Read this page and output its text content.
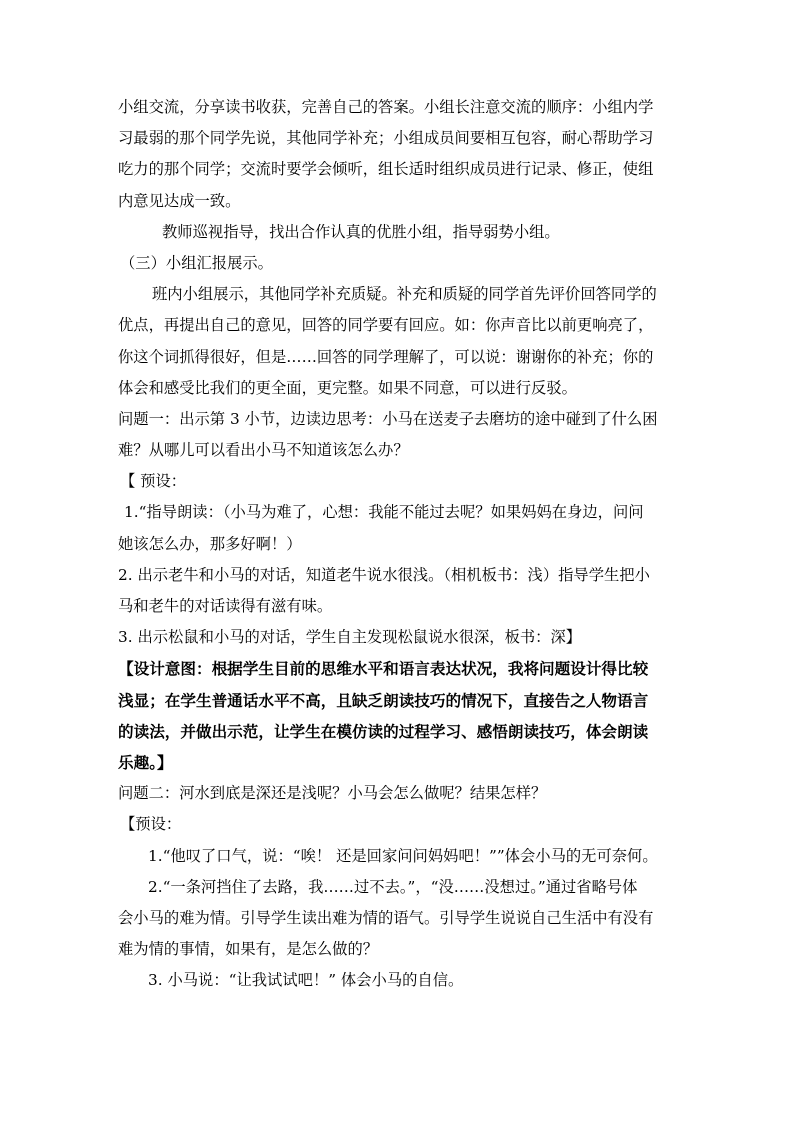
小组交流，分享读书收获，完善自己的答案。小组长注意交流的顺序：小组内学
习最弱的那个同学先说，其他同学补充；小组成员间要相互包容，耐心帮助学习
吃力的那个同学；交流时要学会倾听，组长适时组织成员进行记录、修正，使组
内意见达成一致。
教师巡视指导，找出合作认真的优胜小组，指导弱势小组。
（三）小组汇报展示。
班内小组展示，其他同学补充质疑。补充和质疑的同学首先评价回答同学的
优点，再提出自己的意见，回答的同学要有回应。如：你声音比以前更响亮了，
你这个词抓得很好，但是……回答的同学理解了，可以说：谢谢你的补充；你的
体会和感受比我们的更全面，更完整。如果不同意，可以进行反驳。
问题一：出示第 3 小节，边读边思考：小马在送麦子去磨坊的途中碰到了什么困
难？从哪儿可以看出小马不知道该怎么办？
【 预设：
1.“指导朗读：（小马为难了，心想：我能不能过去呢？如果妈妈在身边，问问
她该怎么办，那多好啊！）
2. 出示老牛和小马的对话，知道老牛说水很浅。（相机板书：浅）指导学生把小
马和老牛的对话读得有滋有味。
3. 出示松鼠和小马的对话，学生自主发现松鼠说水很深，板书：深】
【设计意图：根据学生目前的思维水平和语言表达状况，我将问题设计得比较
浅显；在学生普通话水平不高，且缺乏朗读技巧的情况下，直接告之人物语言
的读法，并做出示范，让学生在模仿读的过程学习、感悟朗读技巧，体会朗读
乐趣。】
问题二：河水到底是深还是浅呢？小马会怎么做呢？结果怎样？
【预设：
1.“他叹了口气，说：“唉！ 还是回家问问妈妈吧！””体会小马的无可奈何。
2.“一条河挡住了去路，我……过不去。”，“没……没想过。”通过省略号体
会小马的难为情。引导学生读出难为情的语气。引导学生说说自己生活中有没有
难为情的事情，如果有，是怎么做的？
3. 小马说：“让我试试吧！” 体会小马的自信。
